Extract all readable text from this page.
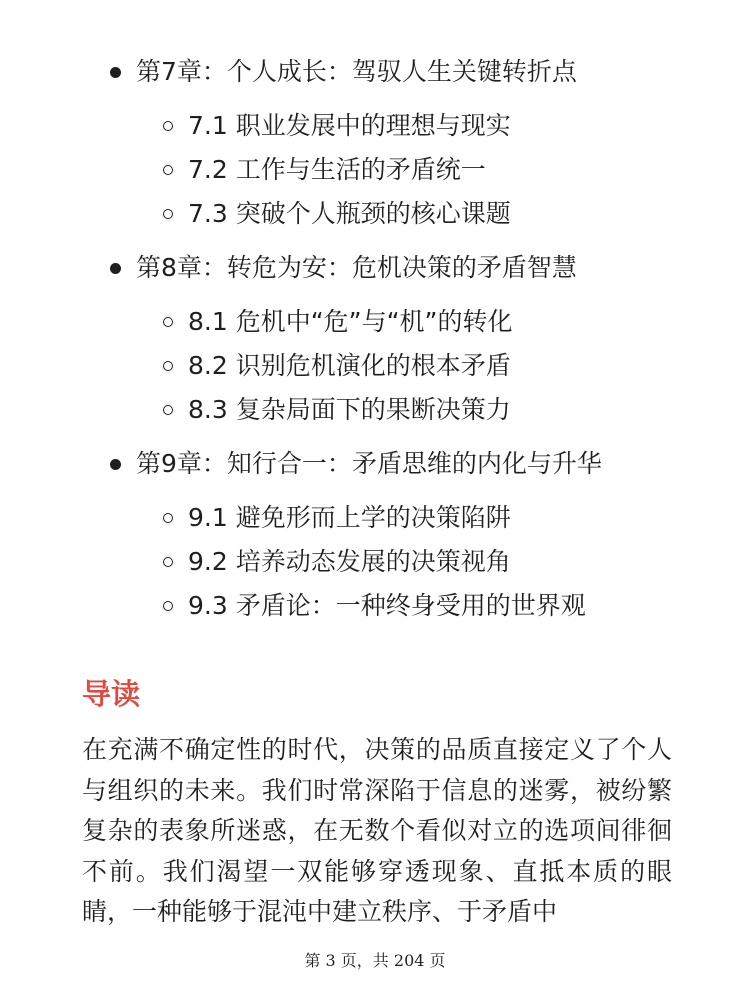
第7章：个人成长：驾驭人生关键转折点
7.1 职业发展中的理想与现实
7.2 工作与生活的矛盾统一
7.3 突破个人瓶颈的核心课题
第8章：转危为安：危机决策的矛盾智慧
8.1 危机中“危”与“机”的转化
8.2 识别危机演化的根本矛盾
8.3 复杂局面下的果断决策力
第9章：知行合一：矛盾思维的内化与升华
9.1 避免形而上学的决策陷阱
9.2 培养动态发展的决策视角
9.3 矛盾论：一种终身受用的世界观
导读
在充满不确定性的时代，决策的品质直接定义了个人与组织的未来。我们时常深陷于信息的迷雾，被纷繁复杂的表象所迷惑，在无数个看似对立的选项间徘徊不前。我们渴望一双能够穿透现象、直抵本质的眼睛，一种能够于混沌中建立秩序、于矛盾中
第 3 页，共 204 页
